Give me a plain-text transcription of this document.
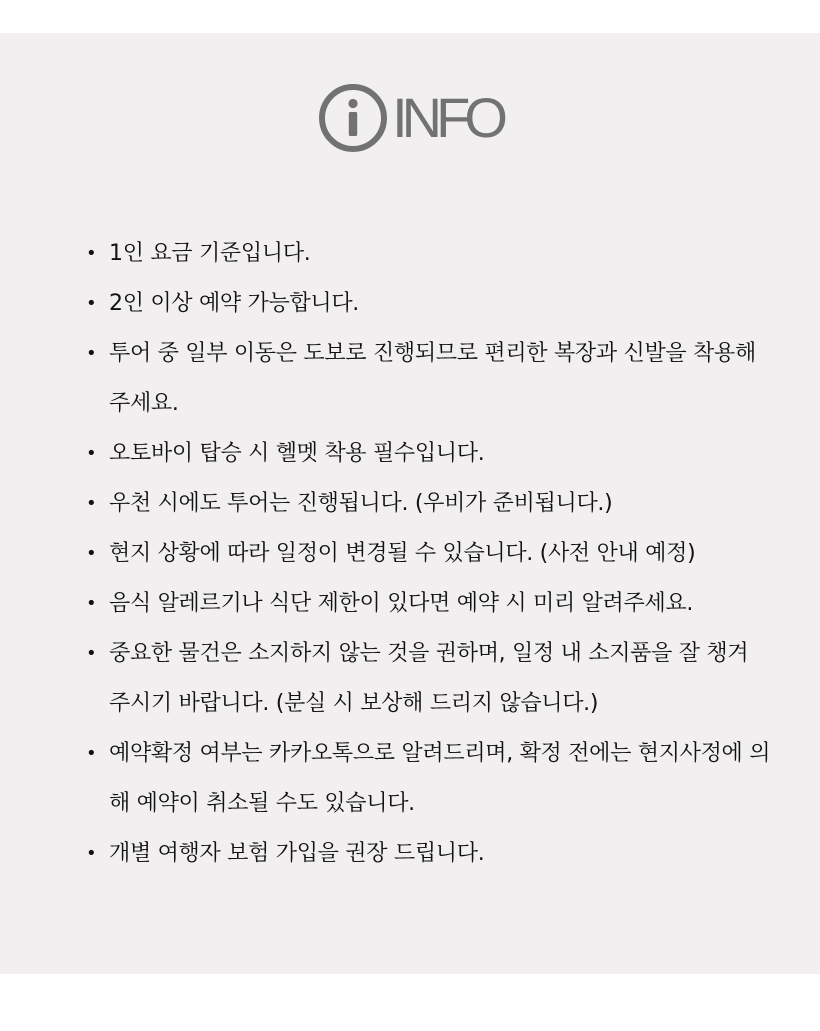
INFO
• 1인 요금 기준입니다.
• 2인 이상 예약 가능합니다.
• 투어 중 일부 이동은 도보로 진행되므로 편리한 복장과 신발을 착용해 주세요.
• 오토바이 탑승 시 헬멧 착용 필수입니다.
• 우천 시에도 투어는 진행됩니다. (우비가 준비됩니다.)
• 현지 상황에 따라 일정이 변경될 수 있습니다. (사전 안내 예정)
• 음식 알레르기나 식단 제한이 있다면 예약 시 미리 알려주세요.
• 중요한 물건은 소지하지 않는 것을 권하며, 일정 내 소지품을 잘 챙겨 주시기 바랍니다. (분실 시 보상해 드리지 않습니다.)
• 예약확정 여부는 카카오톡으로 알려드리며, 확정 전에는 현지사정에 의해 예약이 취소될 수도 있습니다.
• 개별 여행자 보험 가입을 권장 드립니다.
